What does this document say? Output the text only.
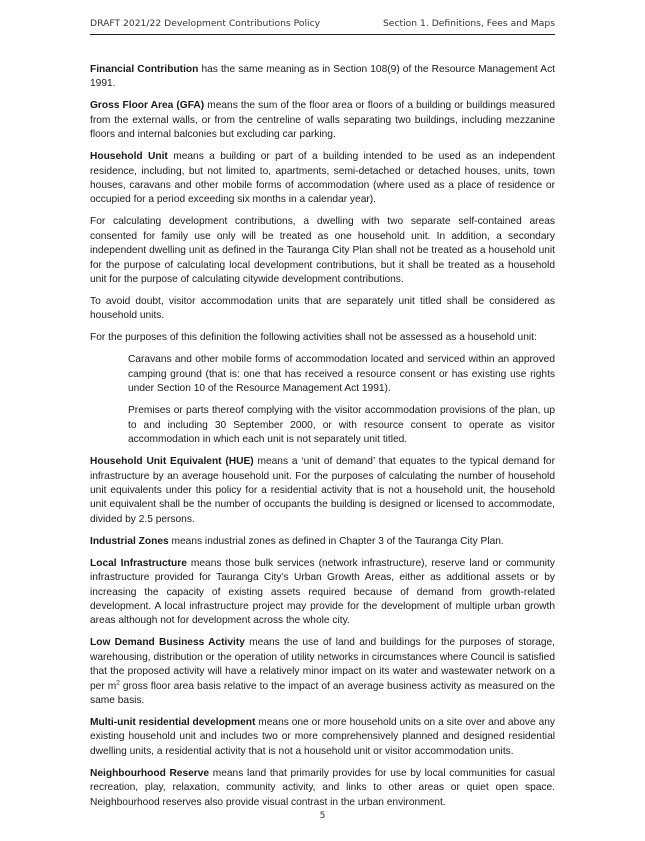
DRAFT 2021/22 Development Contributions Policy	Section 1. Definitions, Fees and Maps

Financial Contribution has the same meaning as in Section 108(9) of the Resource Management Act 1991.

Gross Floor Area (GFA) means the sum of the floor area or floors of a building or buildings measured from the external walls, or from the centreline of walls separating two buildings, including mezzanine floors and internal balconies but excluding car parking.

Household Unit means a building or part of a building intended to be used as an independent residence, including, but not limited to, apartments, semi-detached or detached houses, units, town houses, caravans and other mobile forms of accommodation (where used as a place of residence or occupied for a period exceeding six months in a calendar year).

For calculating development contributions, a dwelling with two separate self-contained areas consented for family use only will be treated as one household unit. In addition, a secondary independent dwelling unit as defined in the Tauranga City Plan shall not be treated as a household unit for the purpose of calculating local development contributions, but it shall be treated as a household unit for the purpose of calculating citywide development contributions.

To avoid doubt, visitor accommodation units that are separately unit titled shall be considered as household units.

For the purposes of this definition the following activities shall not be assessed as a household unit:

Caravans and other mobile forms of accommodation located and serviced within an approved camping ground (that is: one that has received a resource consent or has existing use rights under Section 10 of the Resource Management Act 1991).

Premises or parts thereof complying with the visitor accommodation provisions of the plan, up to and including 30 September 2000, or with resource consent to operate as visitor accommodation in which each unit is not separately unit titled.

Household Unit Equivalent (HUE) means a ‘unit of demand’ that equates to the typical demand for infrastructure by an average household unit. For the purposes of calculating the number of household unit equivalents under this policy for a residential activity that is not a household unit, the household unit equivalent shall be the number of occupants the building is designed or licensed to accommodate, divided by 2.5 persons.

Industrial Zones means industrial zones as defined in Chapter 3 of the Tauranga City Plan.

Local Infrastructure means those bulk services (network infrastructure), reserve land or community infrastructure provided for Tauranga City’s Urban Growth Areas, either as additional assets or by increasing the capacity of existing assets required because of demand from growth-related development. A local infrastructure project may provide for the development of multiple urban growth areas although not for development across the whole city.

Low Demand Business Activity means the use of land and buildings for the purposes of storage, warehousing, distribution or the operation of utility networks in circumstances where Council is satisfied that the proposed activity will have a relatively minor impact on its water and wastewater network on a per $m^2$ gross floor area basis relative to the impact of an average business activity as measured on the same basis.

Multi-unit residential development means one or more household units on a site over and above any existing household unit and includes two or more comprehensively planned and designed residential dwelling units, a residential activity that is not a household unit or visitor accommodation units.

Neighbourhood Reserve means land that primarily provides for use by local communities for casual recreation, play, relaxation, community activity, and links to other areas or quiet open space. Neighbourhood reserves also provide visual contrast in the urban environment.

5
